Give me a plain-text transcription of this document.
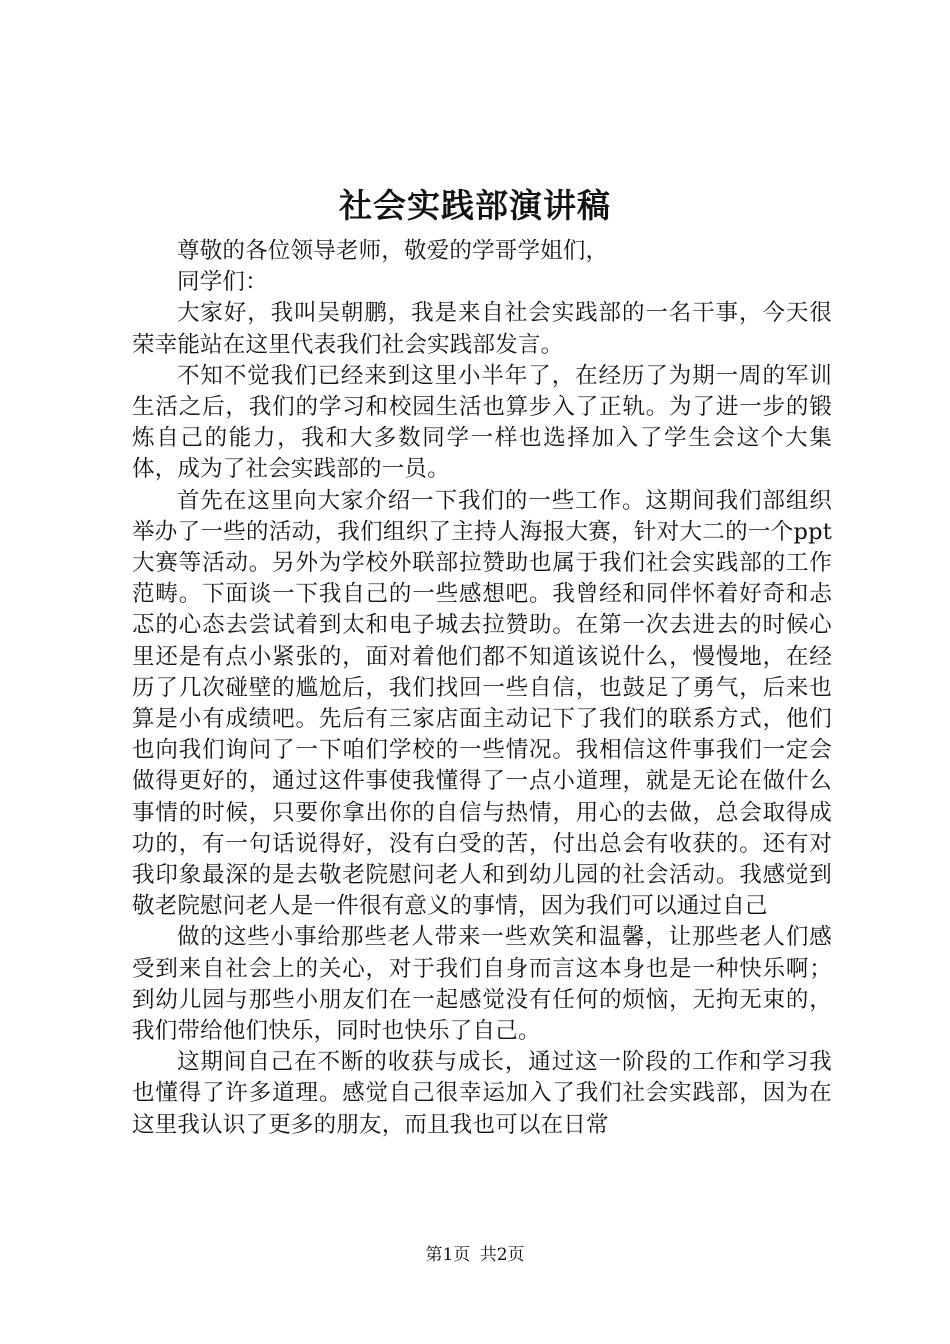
社会实践部演讲稿

尊敬的各位领导老师，敬爱的学哥学姐们，

同学们：

大家好，我叫吴朝鹏，我是来自社会实践部的一名干事，今天很荣幸能站在这里代表我们社会实践部发言。

不知不觉我们已经来到这里小半年了，在经历了为期一周的军训生活之后，我们的学习和校园生活也算步入了正轨。为了进一步的锻炼自己的能力，我和大多数同学一样也选择加入了学生会这个大集体，成为了社会实践部的一员。

首先在这里向大家介绍一下我们的一些工作。这期间我们部组织举办了一些的活动，我们组织了主持人海报大赛，针对大二的一个ppt大赛等活动。另外为学校外联部拉赞助也属于我们社会实践部的工作范畴。下面谈一下我自己的一些感想吧。我曾经和同伴怀着好奇和忐忑的心态去尝试着到太和电子城去拉赞助。在第一次去进去的时候心里还是有点小紧张的，面对着他们都不知道该说什么，慢慢地，在经历了几次碰壁的尴尬后，我们找回一些自信，也鼓足了勇气，后来也算是小有成绩吧。先后有三家店面主动记下了我们的联系方式，他们也向我们询问了一下咱们学校的一些情况。我相信这件事我们一定会做得更好的，通过这件事使我懂得了一点小道理，就是无论在做什么事情的时候，只要你拿出你的自信与热情，用心的去做，总会取得成功的，有一句话说得好，没有白受的苦，付出总会有收获的。还有对我印象最深的是去敬老院慰问老人和到幼儿园的社会活动。我感觉到敬老院慰问老人是一件很有意义的事情，因为我们可以通过自己

做的这些小事给那些老人带来一些欢笑和温馨，让那些老人们感受到来自社会上的关心，对于我们自身而言这本身也是一种快乐啊；到幼儿园与那些小朋友们在一起感觉没有任何的烦恼，无拘无束的，我们带给他们快乐，同时也快乐了自己。

这期间自己在不断的收获与成长，通过这一阶段的工作和学习我也懂得了许多道理。感觉自己很幸运加入了我们社会实践部，因为在这里我认识了更多的朋友，而且我也可以在日常

第1页 共2页
